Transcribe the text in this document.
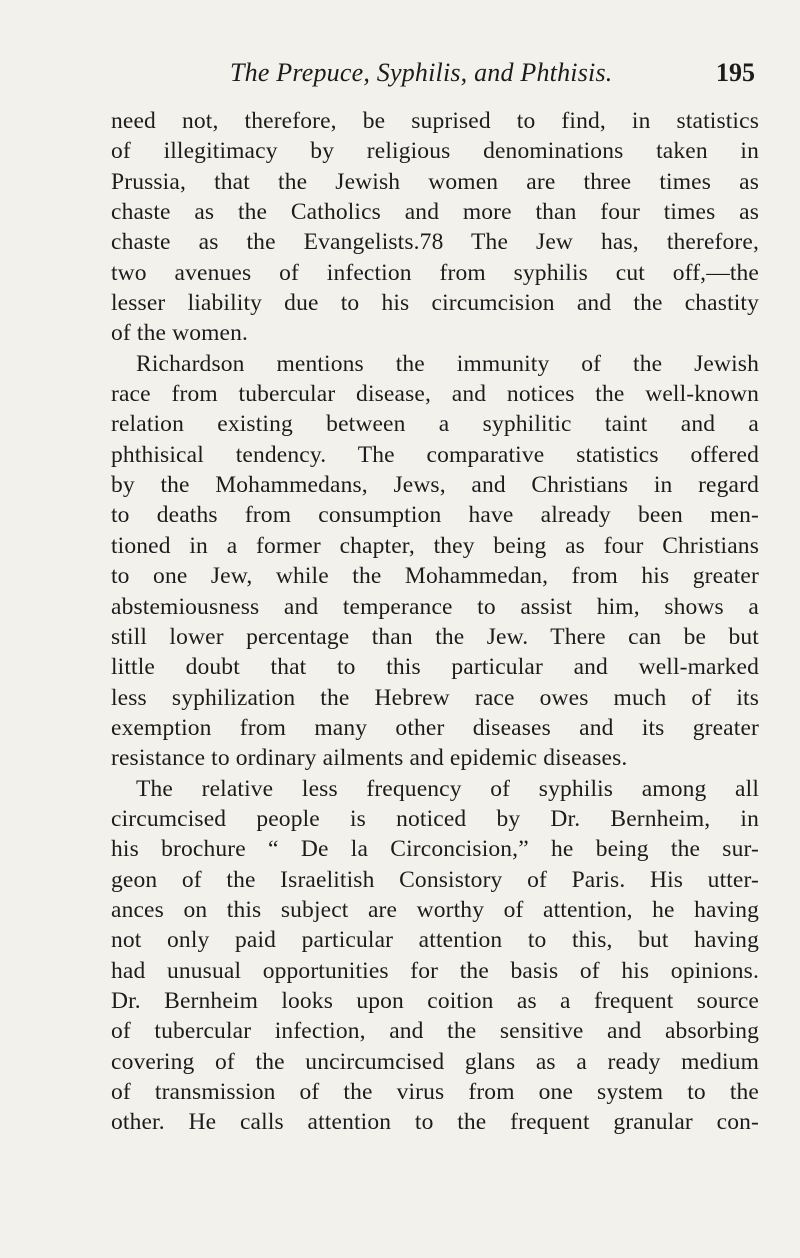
The Prepuce, Syphilis, and Phthisis.	195
need not, therefore, be suprised to find, in statistics
of illegitimacy by religious denominations taken in
Prussia, that the Jewish women are three times as
chaste as the Catholics and more than four times as
chaste as the Evangelists.78 The Jew has, therefore,
two avenues of infection from syphilis cut off,—the
lesser liability due to his circumcision and the chastity
of the women.
Richardson mentions the immunity of the Jewish
race from tubercular disease, and notices the well-known
relation existing between a syphilitic taint and a
phthisical tendency. The comparative statistics offered
by the Mohammedans, Jews, and Christians in regard
to deaths from consumption have already been men-
tioned in a former chapter, they being as four Christians
to one Jew, while the Mohammedan, from his greater
abstemiousness and temperance to assist him, shows a
still lower percentage than the Jew. There can be but
little doubt that to this particular and well-marked
less syphilization the Hebrew race owes much of its
exemption from many other diseases and its greater
resistance to ordinary ailments and epidemic diseases.
The relative less frequency of syphilis among all
circumcised people is noticed by Dr. Bernheim, in
his brochure “ De la Circoncision,” he being the sur-
geon of the Israelitish Consistory of Paris. His utter-
ances on this subject are worthy of attention, he having
not only paid particular attention to this, but having
had unusual opportunities for the basis of his opinions.
Dr. Bernheim looks upon coition as a frequent source
of tubercular infection, and the sensitive and absorbing
covering of the uncircumcised glans as a ready medium
of transmission of the virus from one system to the
other. He calls attention to the frequent granular con-
